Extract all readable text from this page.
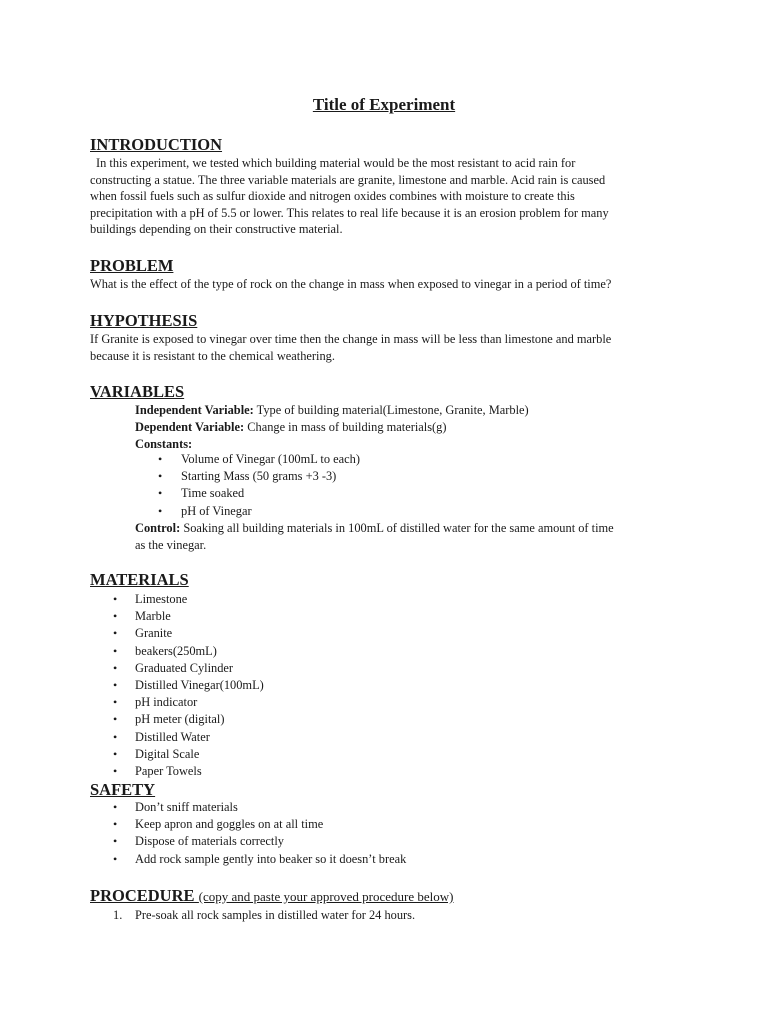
Title of Experiment
INTRODUCTION

In this experiment, we tested which building material would be the most resistant to acid rain for

constructing a statue. The three variable materials are granite, limestone and marble. Acid rain is caused

when fossil fuels such as sulfur dioxide and nitrogen oxides combines with moisture to create this

precipitation with a pH of 5.5 or lower. This relates to real life because it is an erosion problem for many

buildings depending on their constructive material.

PROBLEM

What is the effect of the type of rock on the change in mass when exposed to vinegar in a period of time?

HYPOTHESIS

If Granite is exposed to vinegar over time then the change in mass will be less than limestone and marble

because it is resistant to the chemical weathering.

VARIABLES
Independent Variable: Type of building material(Limestone, Granite, Marble)
Dependent Variable: Change in mass of building materials(g)
Constants:
• Volume of Vinegar (100mL to each)
• Starting Mass (50 grams +3 -3)
• Time soaked
• pH of Vinegar
Control: Soaking all building materials in 100mL of distilled water for the same amount of time
as the vinegar.
MATERIALS
• Limestone
• Marble
• Granite
• beakers(250mL)
• Graduated Cylinder
• Distilled Vinegar(100mL)
• pH indicator
• pH meter (digital)
• Distilled Water
• Digital Scale
• Paper Towels
SAFETY
• Don’t sniff materials
• Keep apron and goggles on at all time
• Dispose of materials correctly
• Add rock sample gently into beaker so it doesn’t break
PROCEDURE (copy and paste your approved procedure below)
1. Pre-soak all rock samples in distilled water for 24 hours.
